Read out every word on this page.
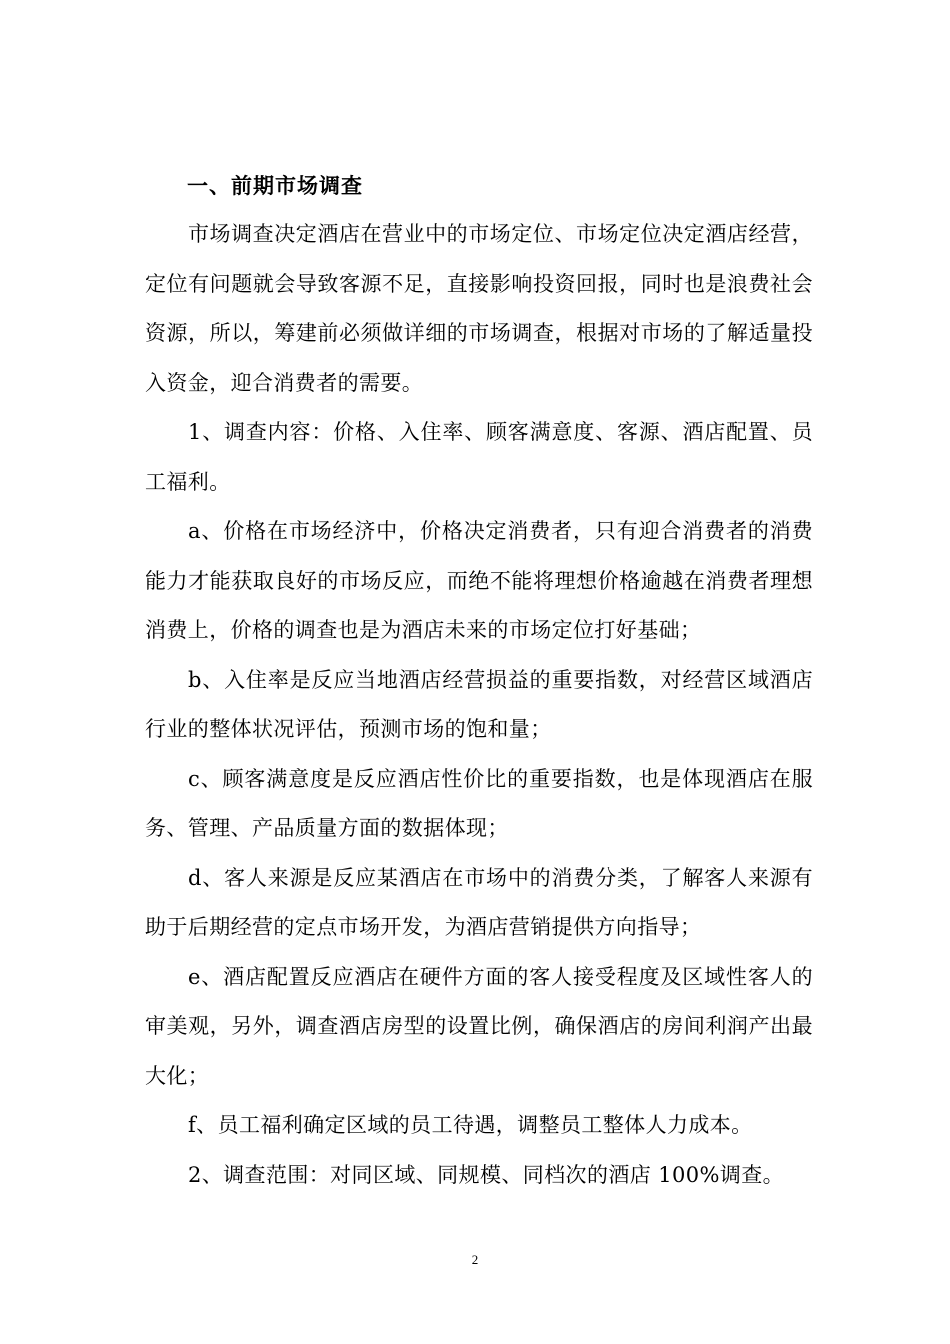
一、前期市场调查

市场调查决定酒店在营业中的市场定位、市场定位决定酒店经营，定位有问题就会导致客源不足，直接影响投资回报，同时也是浪费社会资源，所以，筹建前必须做详细的市场调查，根据对市场的了解适量投入资金，迎合消费者的需要。

1、调查内容：价格、入住率、顾客满意度、客源、酒店配置、员工福利。

a、价格在市场经济中，价格决定消费者，只有迎合消费者的消费能力才能获取良好的市场反应，而绝不能将理想价格逾越在消费者理想消费上，价格的调查也是为酒店未来的市场定位打好基础；

b、入住率是反应当地酒店经营损益的重要指数，对经营区域酒店行业的整体状况评估，预测市场的饱和量；

c、顾客满意度是反应酒店性价比的重要指数，也是体现酒店在服务、管理、产品质量方面的数据体现；

d、客人来源是反应某酒店在市场中的消费分类，了解客人来源有助于后期经营的定点市场开发，为酒店营销提供方向指导；

e、酒店配置反应酒店在硬件方面的客人接受程度及区域性客人的审美观，另外，调查酒店房型的设置比例，确保酒店的房间利润产出最大化；

f、员工福利确定区域的员工待遇，调整员工整体人力成本。

2、调查范围：对同区域、同规模、同档次的酒店 100%调查。

2
